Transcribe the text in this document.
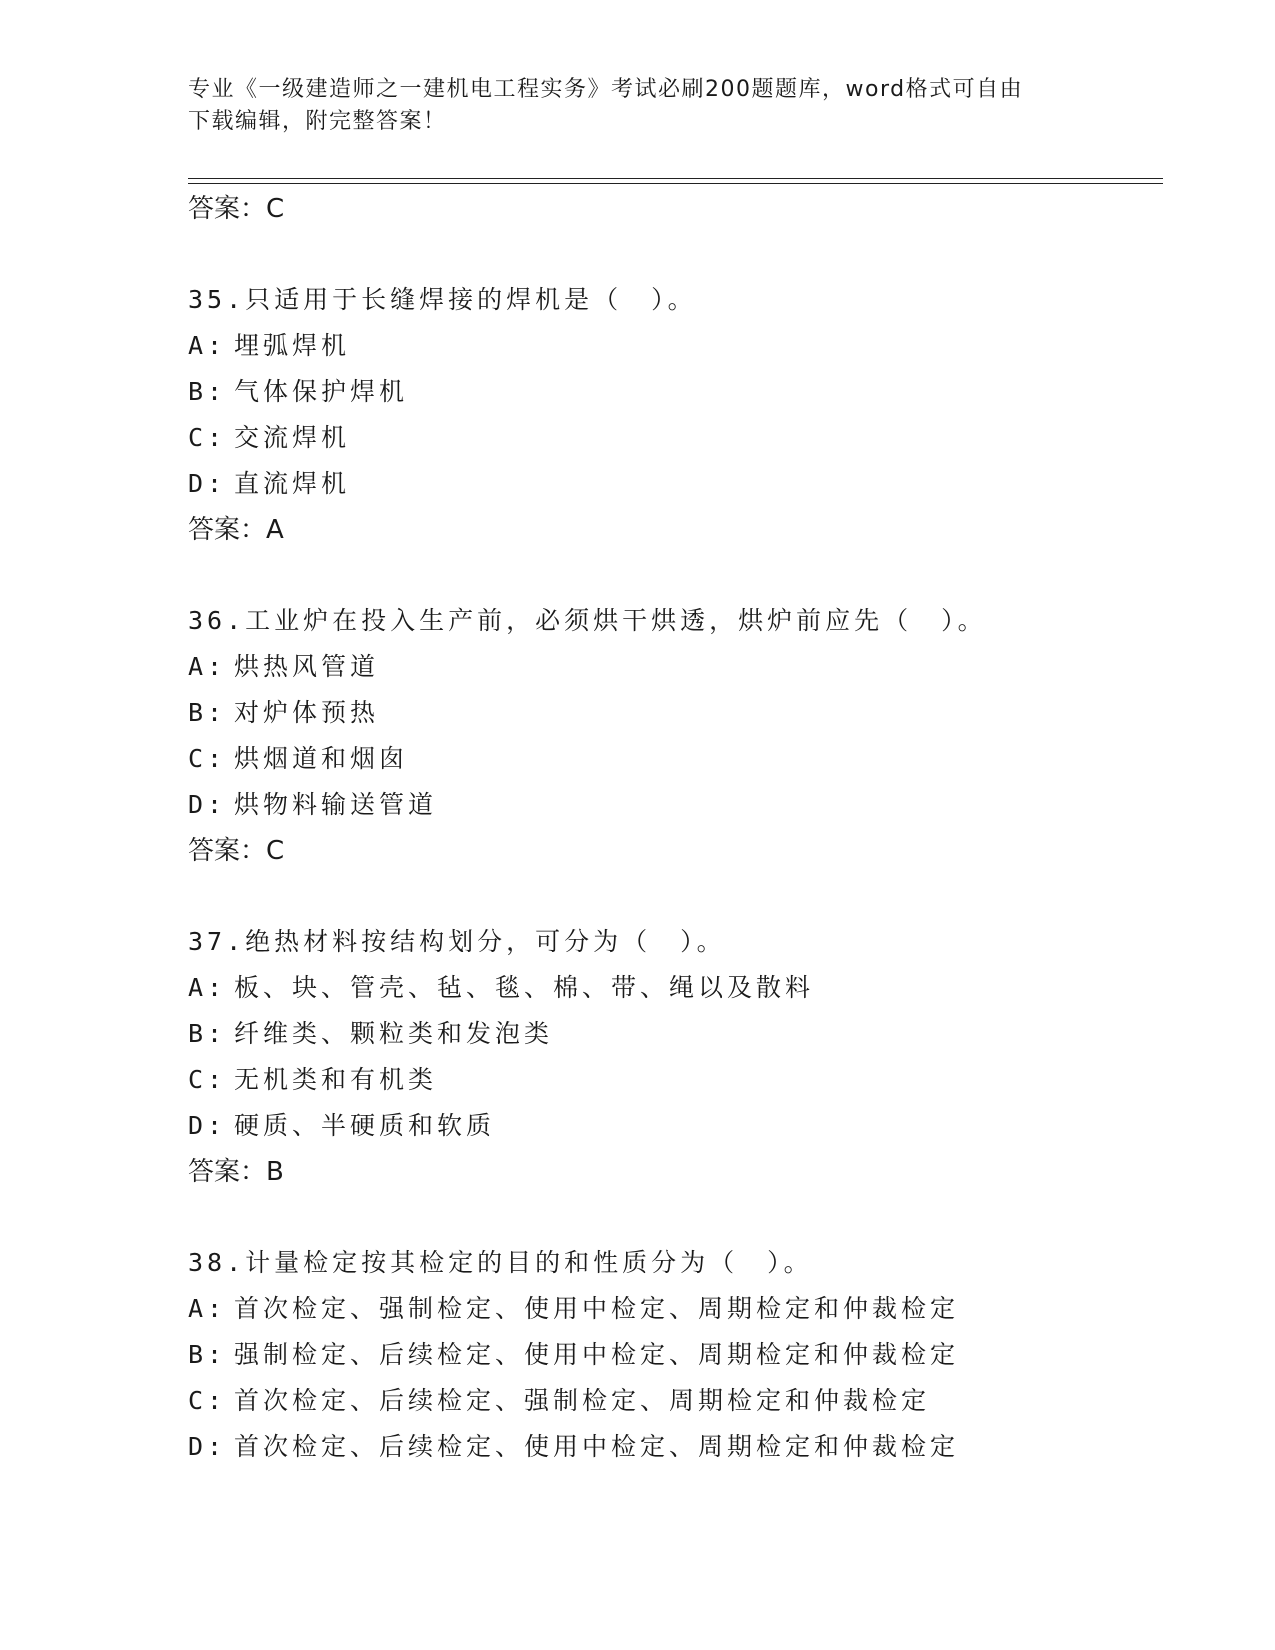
专业《一级建造师之一建机电工程实务》考试必刷200题题库，word格式可自由
下载编辑，附完整答案！
答案：C
35.只适用于长缝焊接的焊机是（　）。
A: 埋弧焊机
B: 气体保护焊机
C: 交流焊机
D: 直流焊机
答案：A
36.工业炉在投入生产前，必须烘干烘透，烘炉前应先（　）。
A: 烘热风管道
B: 对炉体预热
C: 烘烟道和烟囱
D: 烘物料输送管道
答案：C
37.绝热材料按结构划分，可分为（　）。
A: 板、块、管壳、毡、毯、棉、带、绳以及散料
B: 纤维类、颗粒类和发泡类
C: 无机类和有机类
D: 硬质、半硬质和软质
答案：B
38.计量检定按其检定的目的和性质分为（　）。
A: 首次检定、强制检定、使用中检定、周期检定和仲裁检定
B: 强制检定、后续检定、使用中检定、周期检定和仲裁检定
C: 首次检定、后续检定、强制检定、周期检定和仲裁检定
D: 首次检定、后续检定、使用中检定、周期检定和仲裁检定
